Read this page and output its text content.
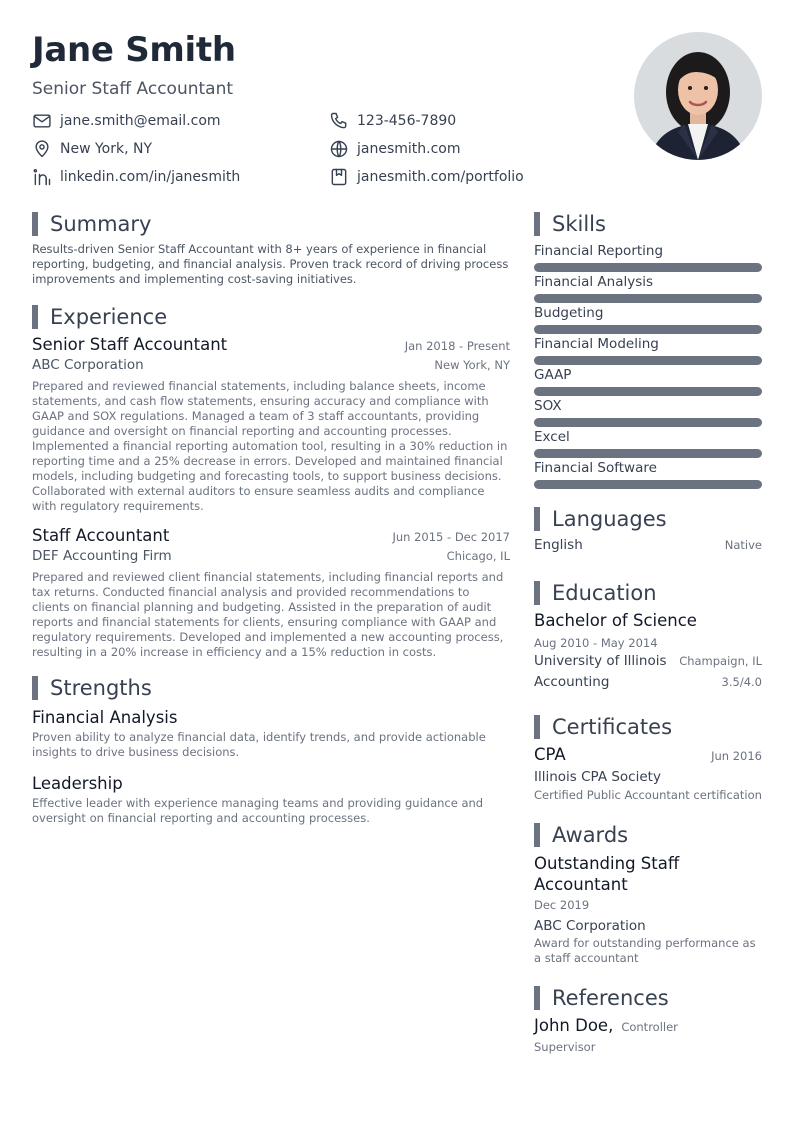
Jane Smith
Senior Staff Accountant
jane.smith@email.com	123-456-7890
New York, NY	janesmith.com
linkedin.com/in/janesmith	janesmith.com/portfolio
Summary
Results-driven Senior Staff Accountant with 8+ years of experience in financial reporting, budgeting, and financial analysis. Proven track record of driving process improvements and implementing cost-saving initiatives.
Experience
Senior Staff Accountant	Jan 2018 - Present
ABC Corporation	New York, NY
Prepared and reviewed financial statements, including balance sheets, income statements, and cash flow statements, ensuring accuracy and compliance with GAAP and SOX regulations. Managed a team of 3 staff accountants, providing guidance and oversight on financial reporting and accounting processes. Implemented a financial reporting automation tool, resulting in a 30% reduction in reporting time and a 25% decrease in errors. Developed and maintained financial models, including budgeting and forecasting tools, to support business decisions. Collaborated with external auditors to ensure seamless audits and compliance with regulatory requirements.
Staff Accountant	Jun 2015 - Dec 2017
DEF Accounting Firm	Chicago, IL
Prepared and reviewed client financial statements, including financial reports and tax returns. Conducted financial analysis and provided recommendations to clients on financial planning and budgeting. Assisted in the preparation of audit reports and financial statements for clients, ensuring compliance with GAAP and regulatory requirements. Developed and implemented a new accounting process, resulting in a 20% increase in efficiency and a 15% reduction in costs.
Strengths
Financial Analysis
Proven ability to analyze financial data, identify trends, and provide actionable insights to drive business decisions.
Leadership
Effective leader with experience managing teams and providing guidance and oversight on financial reporting and accounting processes.
Skills
Financial Reporting
Financial Analysis
Budgeting
Financial Modeling
GAAP
SOX
Excel
Financial Software
Languages
English	Native
Education
Bachelor of Science
Aug 2010 - May 2014
University of Illinois Champaign, IL
Accounting	3.5/4.0
Certificates
CPA	Jun 2016
Illinois CPA Society
Certified Public Accountant certification
Awards
Outstanding Staff Accountant
Dec 2019
ABC Corporation
Award for outstanding performance as a staff accountant
References
John Doe, Controller
Supervisor
